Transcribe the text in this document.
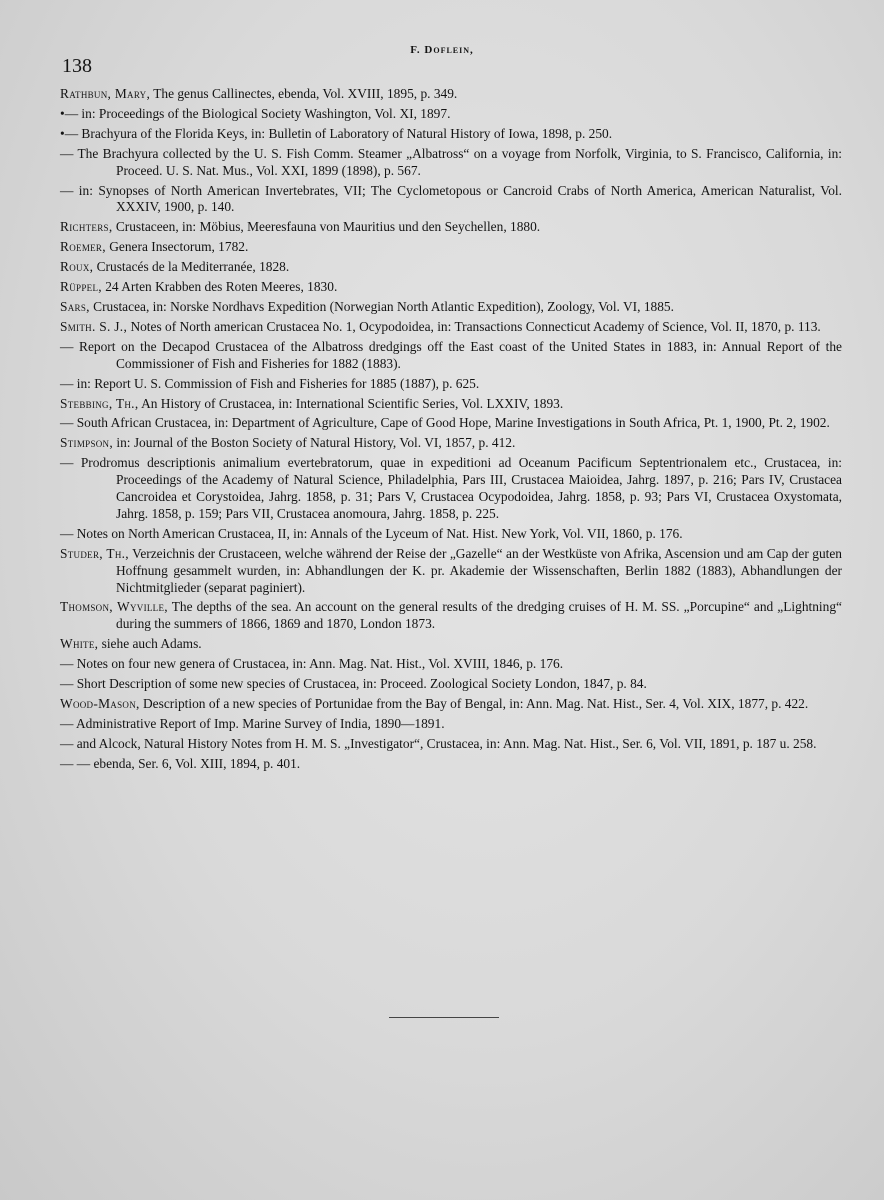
138
F. Doflein,

Rathbun, Mary, The genus Callinectes, ebenda, Vol. XVIII, 1895, p. 349.

•— in: Proceedings of the Biological Society Washington, Vol. XI, 1897.

•— Brachyura of the Florida Keys, in: Bulletin of Laboratory of Natural History of Iowa, 1898, p. 250.

— The Brachyura collected by the U. S. Fish Comm. Steamer „Albatross“ on a voyage from Norfolk, Virginia, to S. Francisco, California, in: Proceed. U. S. Nat. Mus., Vol. XXI, 1899 (1898), p. 567.

— in: Synopses of North American Invertebrates, VII; The Cyclometopous or Cancroid Crabs of North America, American Naturalist, Vol. XXXIV, 1900, p. 140.

Richters, Crustaceen, in: Möbius, Meeresfauna von Mauritius und den Seychellen, 1880.

Roemer, Genera Insectorum, 1782.

Roux, Crustacés de la Mediterranée, 1828.

Rüppel, 24 Arten Krabben des Roten Meeres, 1830.

Sars, Crustacea, in: Norske Nordhavs Expedition (Norwegian North Atlantic Expedition), Zoology, Vol. VI, 1885.

Smith. S. J., Notes of North american Crustacea No. 1, Ocypodoidea, in: Transactions Connecticut Academy of Science, Vol. II, 1870, p. 113.

— Report on the Decapod Crustacea of the Albatross dredgings off the East coast of the United States in 1883, in: Annual Report of the Commissioner of Fish and Fisheries for 1882 (1883).

— in: Report U. S. Commission of Fish and Fisheries for 1885 (1887), p. 625.

Stebbing, Th., An History of Crustacea, in: International Scientific Series, Vol. LXXIV, 1893.

— South African Crustacea, in: Department of Agriculture, Cape of Good Hope, Marine Investigations in South Africa, Pt. 1, 1900, Pt. 2, 1902.

Stimpson, in: Journal of the Boston Society of Natural History, Vol. VI, 1857, p. 412.

— Prodromus descriptionis animalium evertebratorum, quae in expeditioni ad Oceanum Pacificum Septentrionalem etc., Crustacea, in: Proceedings of the Academy of Natural Science, Philadelphia, Pars III, Crustacea Maioidea, Jahrg. 1897, p. 216; Pars IV, Crustacea Cancroidea et Corystoidea, Jahrg. 1858, p. 31; Pars V, Crustacea Ocypodoidea, Jahrg. 1858, p. 93; Pars VI, Crustacea Oxystomata, Jahrg. 1858, p. 159; Pars VII, Crustacea anomoura, Jahrg. 1858, p. 225.

— Notes on North American Crustacea, II, in: Annals of the Lyceum of Nat. Hist. New York, Vol. VII, 1860, p. 176.

Studer, Th., Verzeichnis der Crustaceen, welche während der Reise der „Gazelle“ an der Westküste von Afrika, Ascension und am Cap der guten Hoffnung gesammelt wurden, in: Abhandlungen der K. pr. Akademie der Wissenschaften, Berlin 1882 (1883), Abhandlungen der Nichtmitglieder (separat paginiert).

Thomson, Wyville, The depths of the sea. An account on the general results of the dredging cruises of H. M. SS. „Porcupine“ and „Lightning“ during the summers of 1866, 1869 and 1870, London 1873.

White, siehe auch Adams.

— Notes on four new genera of Crustacea, in: Ann. Mag. Nat. Hist., Vol. XVIII, 1846, p. 176.

— Short Description of some new species of Crustacea, in: Proceed. Zoological Society London, 1847, p. 84.

Wood-Mason, Description of a new species of Portunidae from the Bay of Bengal, in: Ann. Mag. Nat. Hist., Ser. 4, Vol. XIX, 1877, p. 422.

— Administrative Report of Imp. Marine Survey of India, 1890—1891.

— and Alcock, Natural History Notes from H. M. S. „Investigator“, Crustacea, in: Ann. Mag. Nat. Hist., Ser. 6, Vol. VII, 1891, p. 187 u. 258.

— — ebenda, Ser. 6, Vol. XIII, 1894, p. 401.
